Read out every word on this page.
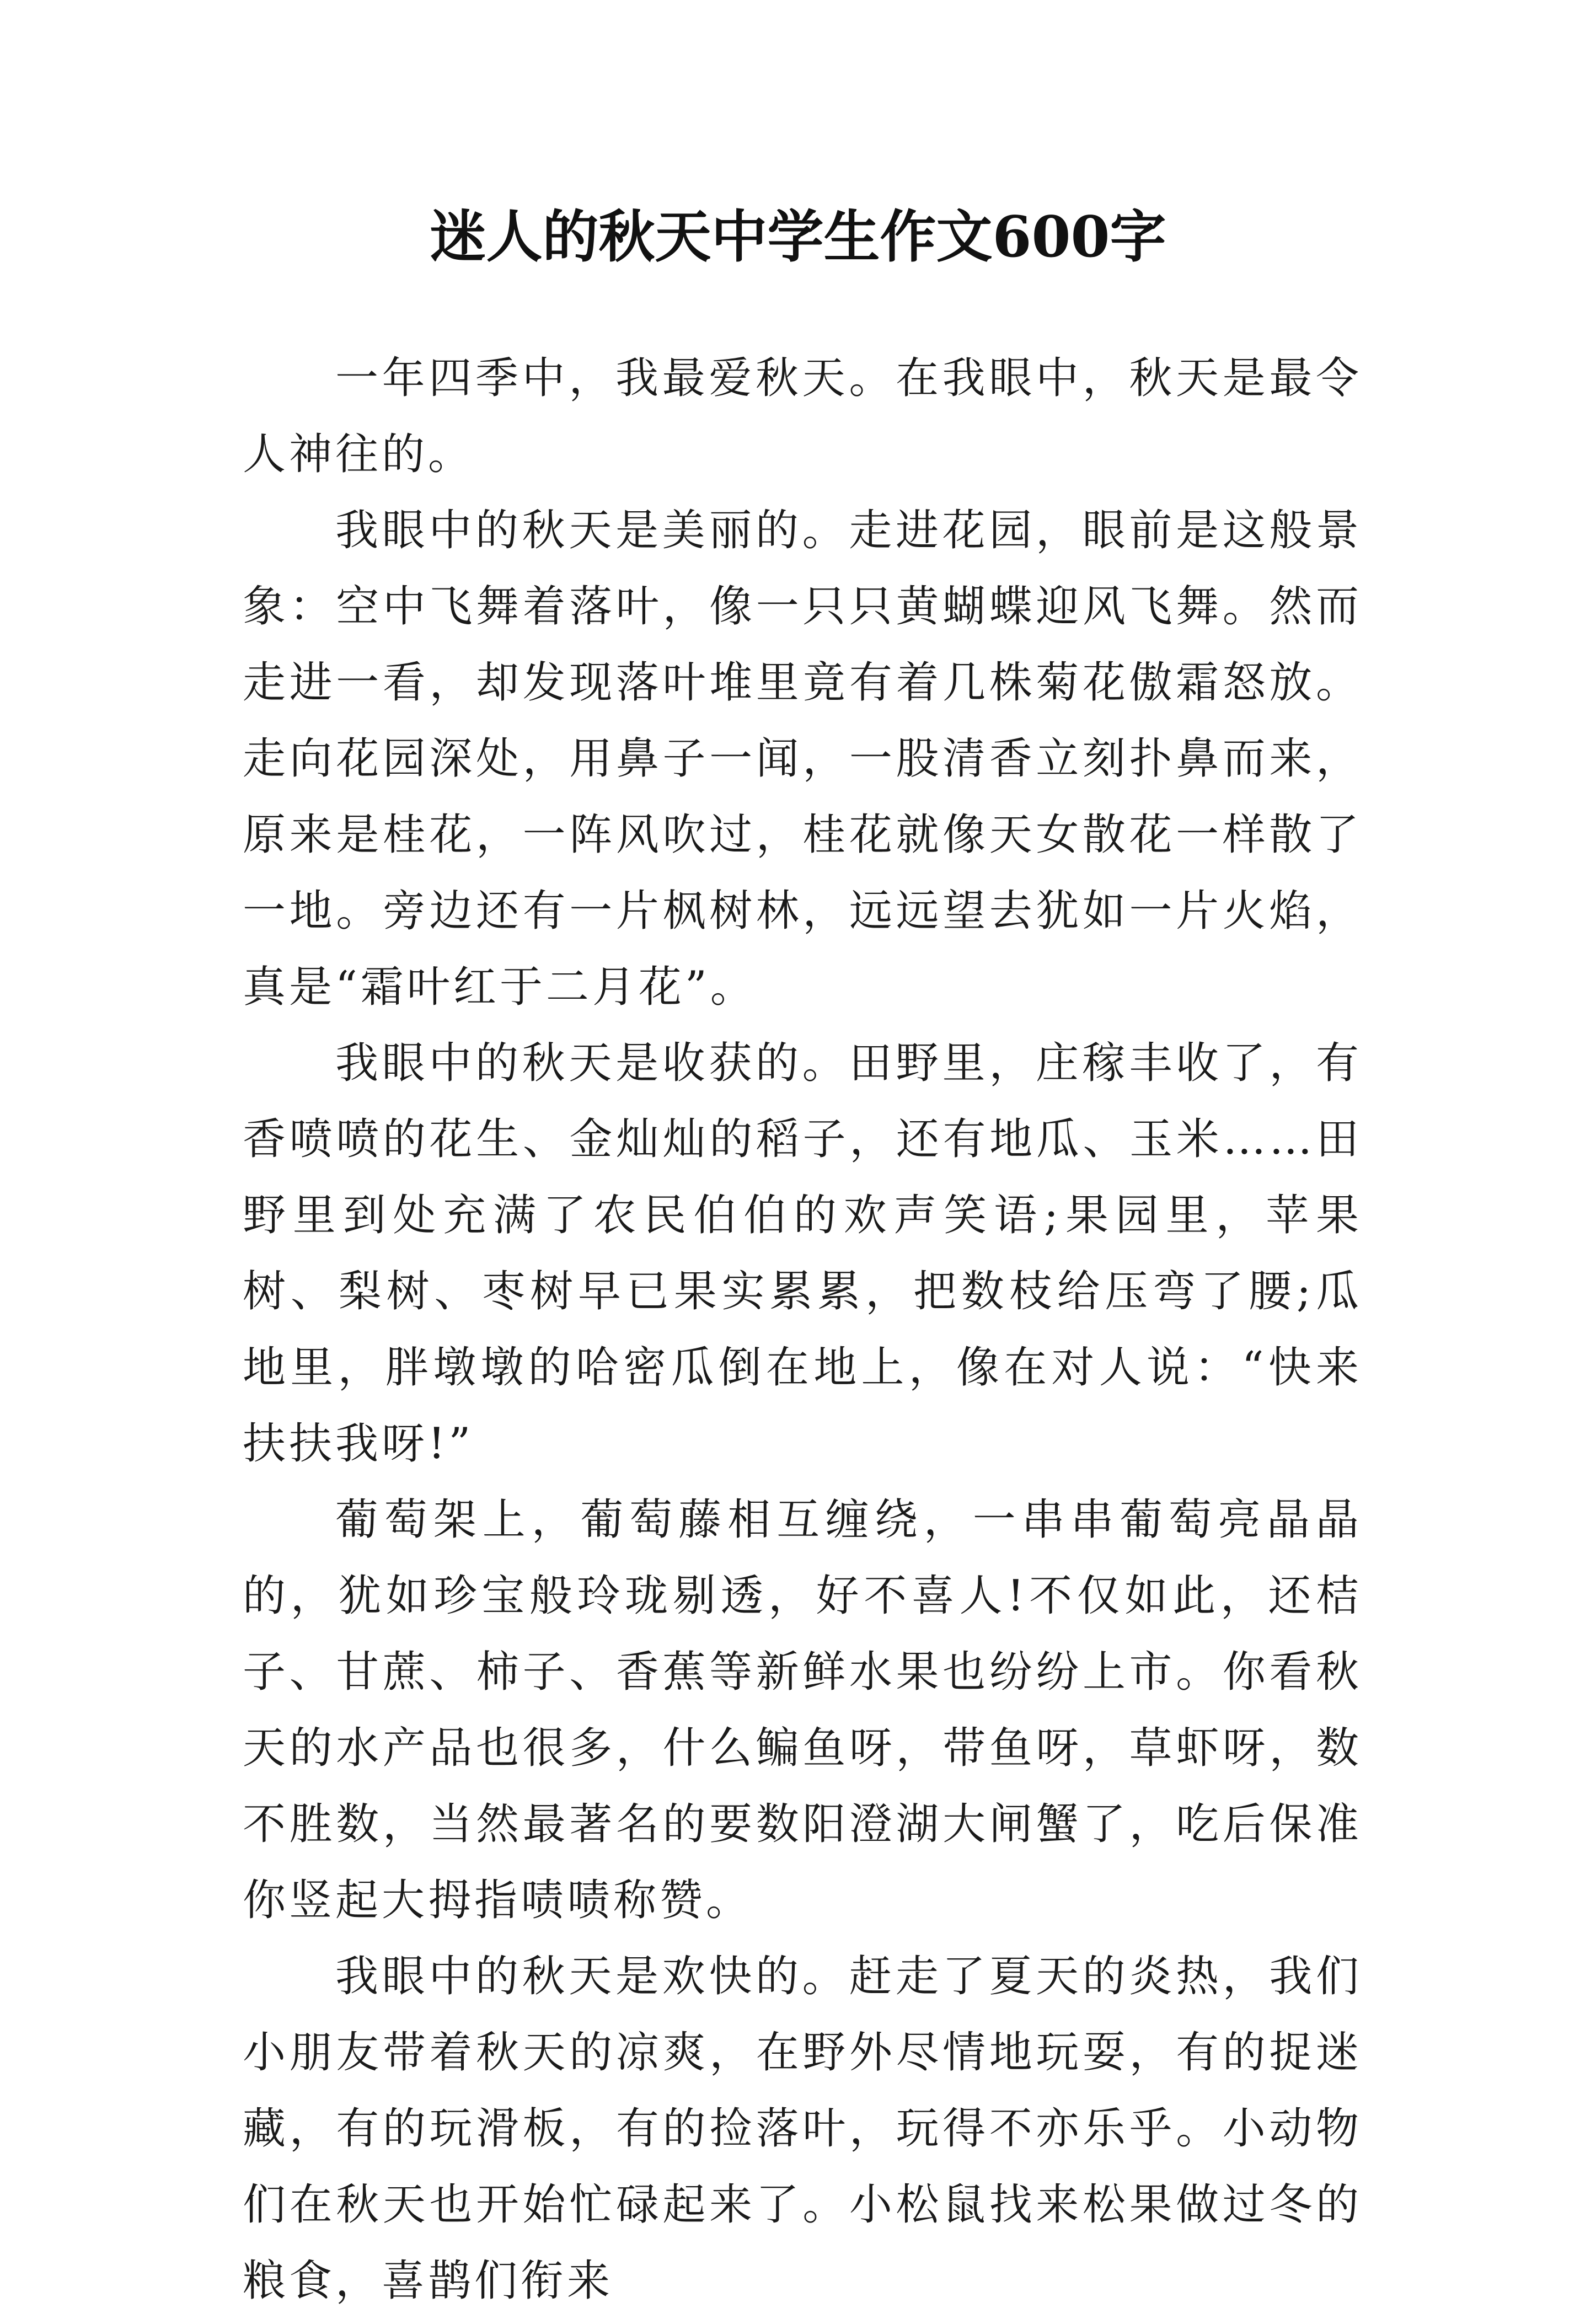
迷人的秋天中学生作文600字

一年四季中，我最爱秋天。在我眼中，秋天是最令人神往的。

我眼中的秋天是美丽的。走进花园，眼前是这般景象：空中飞舞着落叶，像一只只黄蝴蝶迎风飞舞。然而走进一看，却发现落叶堆里竟有着几株菊花傲霜怒放。走向花园深处，用鼻子一闻，一股清香立刻扑鼻而来，原来是桂花，一阵风吹过，桂花就像天女散花一样散了一地。旁边还有一片枫树林，远远望去犹如一片火焰，真是“霜叶红于二月花”。

我眼中的秋天是收获的。田野里，庄稼丰收了，有香喷喷的花生、金灿灿的稻子，还有地瓜、玉米……田野里到处充满了农民伯伯的欢声笑语;果园里，苹果树、梨树、枣树早已果实累累，把数枝给压弯了腰;瓜地里，胖墩墩的哈密瓜倒在地上，像在对人说：“快来扶扶我呀!”

葡萄架上，葡萄藤相互缠绕，一串串葡萄亮晶晶的，犹如珍宝般玲珑剔透，好不喜人!不仅如此，还桔子、甘蔗、柿子、香蕉等新鲜水果也纷纷上市。你看秋天的水产品也很多，什么鳊鱼呀，带鱼呀，草虾呀，数不胜数，当然最著名的要数阳澄湖大闸蟹了，吃后保准你竖起大拇指啧啧称赞。

我眼中的秋天是欢快的。赶走了夏天的炎热，我们小朋友带着秋天的凉爽，在野外尽情地玩耍，有的捉迷藏，有的玩滑板，有的捡落叶，玩得不亦乐乎。小动物们在秋天也开始忙碌起来了。小松鼠找来松果做过冬的粮食，喜鹊们衔来
